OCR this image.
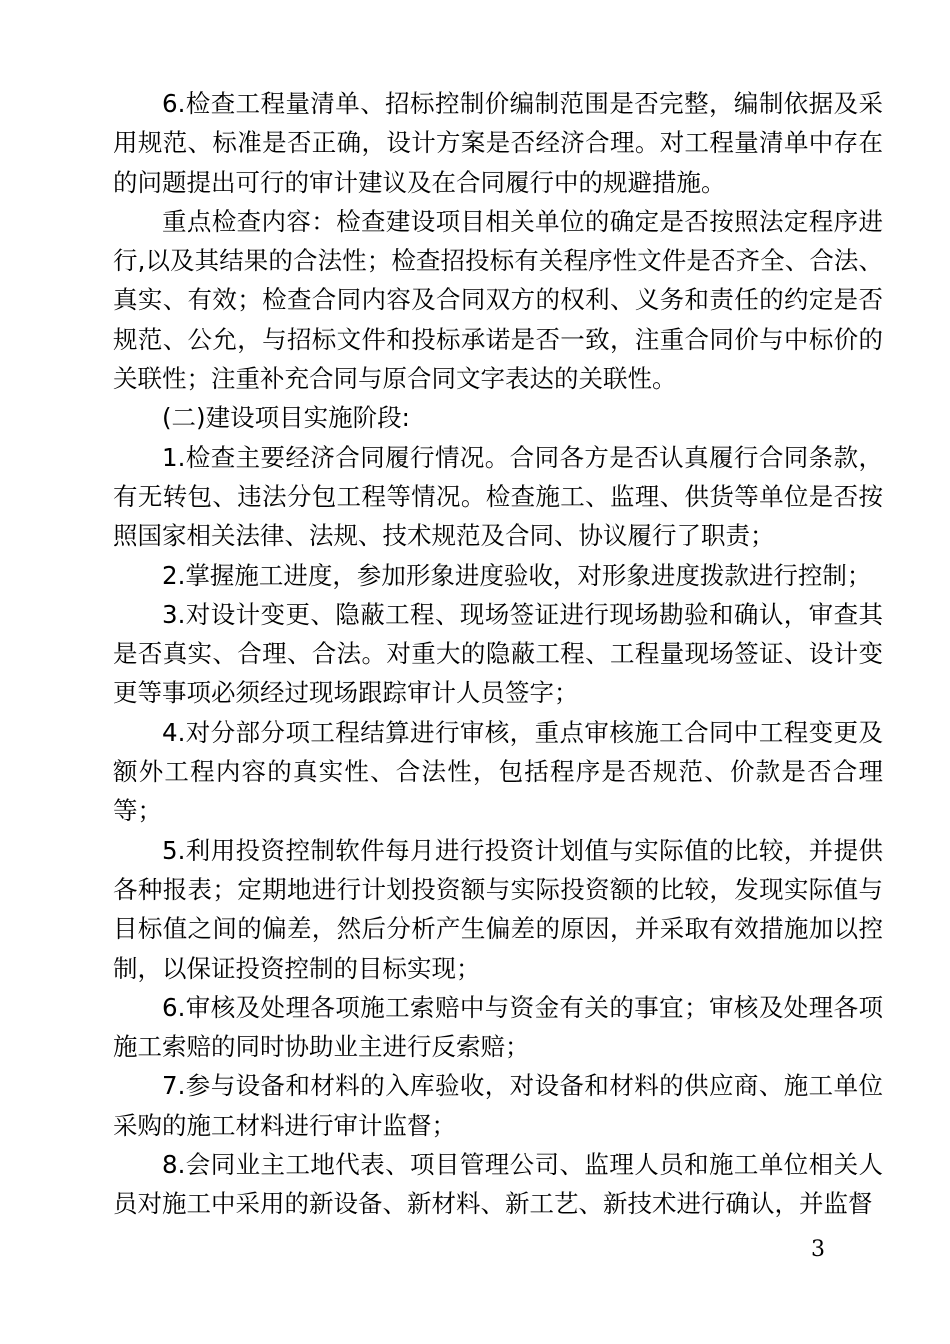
6.检查工程量清单、招标控制价编制范围是否完整，编制依据及采用规范、标准是否正确，设计方案是否经济合理。对工程量清单中存在的问题提出可行的审计建议及在合同履行中的规避措施。

重点检查内容：检查建设项目相关单位的确定是否按照法定程序进行,以及其结果的合法性；检查招投标有关程序性文件是否齐全、合法、真实、有效；检查合同内容及合同双方的权利、义务和责任的约定是否规范、公允，与招标文件和投标承诺是否一致，注重合同价与中标价的关联性；注重补充合同与原合同文字表达的关联性。

(二)建设项目实施阶段:

1.检查主要经济合同履行情况。合同各方是否认真履行合同条款，有无转包、违法分包工程等情况。检查施工、监理、供货等单位是否按照国家相关法律、法规、技术规范及合同、协议履行了职责；

2.掌握施工进度，参加形象进度验收，对形象进度拨款进行控制；

3.对设计变更、隐蔽工程、现场签证进行现场勘验和确认，审查其是否真实、合理、合法。对重大的隐蔽工程、工程量现场签证、设计变更等事项必须经过现场跟踪审计人员签字；

4.对分部分项工程结算进行审核，重点审核施工合同中工程变更及额外工程内容的真实性、合法性，包括程序是否规范、价款是否合理等；

5.利用投资控制软件每月进行投资计划值与实际值的比较，并提供各种报表；定期地进行计划投资额与实际投资额的比较，发现实际值与目标值之间的偏差，然后分析产生偏差的原因，并采取有效措施加以控制，以保证投资控制的目标实现；

6.审核及处理各项施工索赔中与资金有关的事宜；审核及处理各项施工索赔的同时协助业主进行反索赔；

7.参与设备和材料的入库验收，对设备和材料的供应商、施工单位采购的施工材料进行审计监督；

8.会同业主工地代表、项目管理公司、监理人员和施工单位相关人员对施工中采用的新设备、新材料、新工艺、新技术进行确认，并监督

3
